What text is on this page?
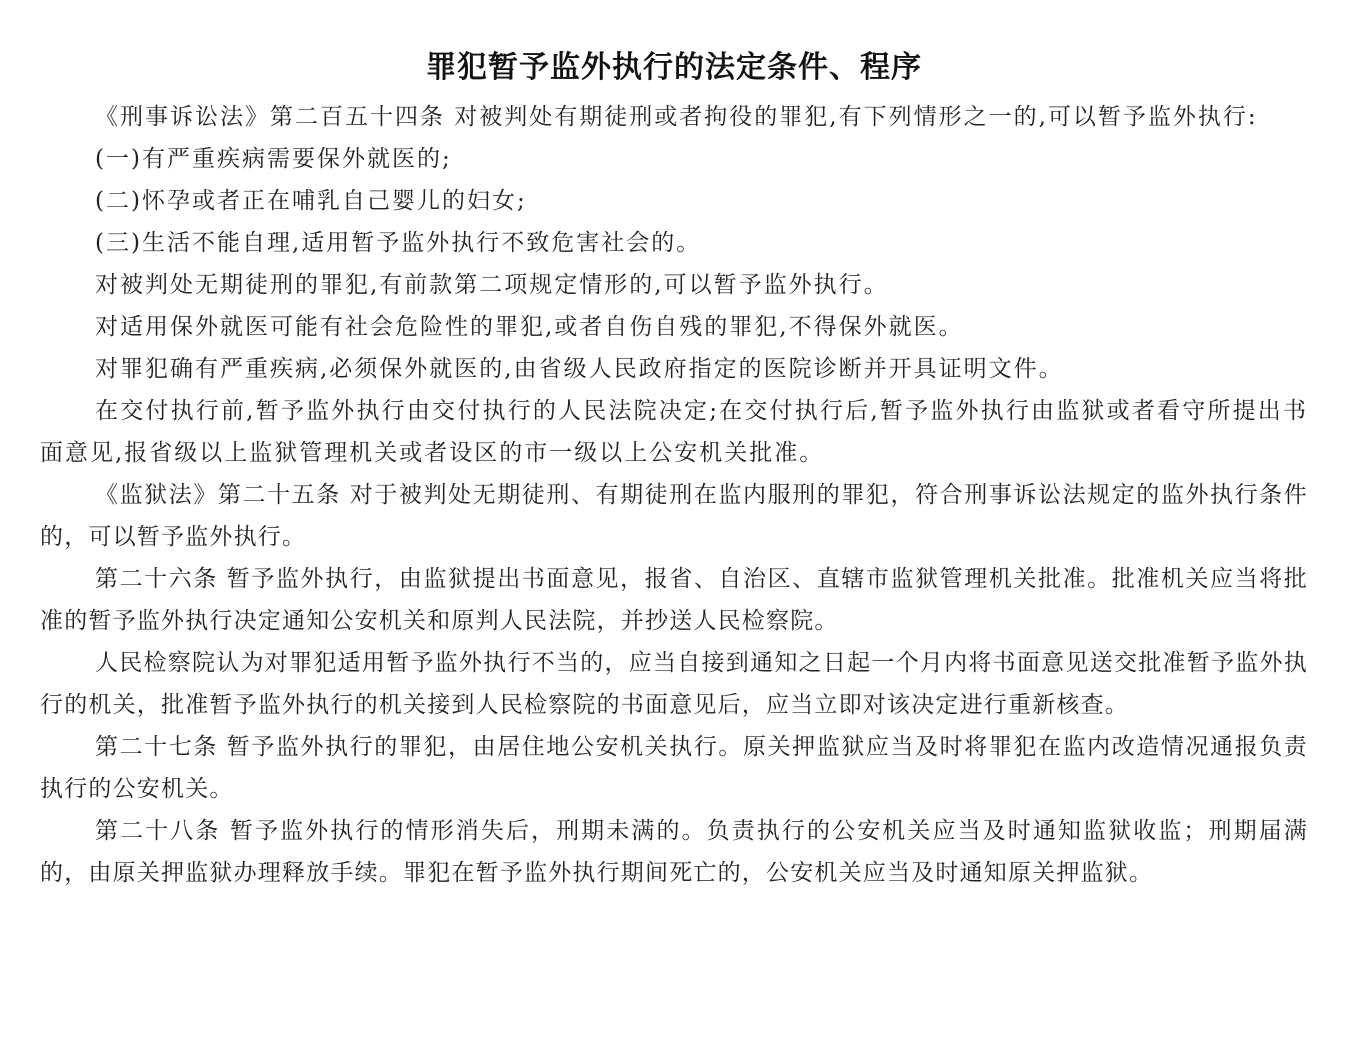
罪犯暂予监外执行的法定条件、程序

《刑事诉讼法》第二百五十四条 对被判处有期徒刑或者拘役的罪犯,有下列情形之一的,可以暂予监外执行:

(一)有严重疾病需要保外就医的;

(二)怀孕或者正在哺乳自己婴儿的妇女;

(三)生活不能自理,适用暂予监外执行不致危害社会的。

对被判处无期徒刑的罪犯,有前款第二项规定情形的,可以暂予监外执行。

对适用保外就医可能有社会危险性的罪犯,或者自伤自残的罪犯,不得保外就医。

对罪犯确有严重疾病,必须保外就医的,由省级人民政府指定的医院诊断并开具证明文件。

在交付执行前,暂予监外执行由交付执行的人民法院决定;在交付执行后,暂予监外执行由监狱或者看守所提出书面意见,报省级以上监狱管理机关或者设区的市一级以上公安机关批准。

《监狱法》第二十五条 对于被判处无期徒刑、有期徒刑在监内服刑的罪犯，符合刑事诉讼法规定的监外执行条件的，可以暂予监外执行。

第二十六条 暂予监外执行，由监狱提出书面意见，报省、自治区、直辖市监狱管理机关批准。批准机关应当将批准的暂予监外执行决定通知公安机关和原判人民法院，并抄送人民检察院。

人民检察院认为对罪犯适用暂予监外执行不当的，应当自接到通知之日起一个月内将书面意见送交批准暂予监外执行的机关，批准暂予监外执行的机关接到人民检察院的书面意见后，应当立即对该决定进行重新核查。

第二十七条 暂予监外执行的罪犯，由居住地公安机关执行。原关押监狱应当及时将罪犯在监内改造情况通报负责执行的公安机关。

第二十八条 暂予监外执行的情形消失后，刑期未满的。负责执行的公安机关应当及时通知监狱收监；刑期届满的，由原关押监狱办理释放手续。罪犯在暂予监外执行期间死亡的，公安机关应当及时通知原关押监狱。
